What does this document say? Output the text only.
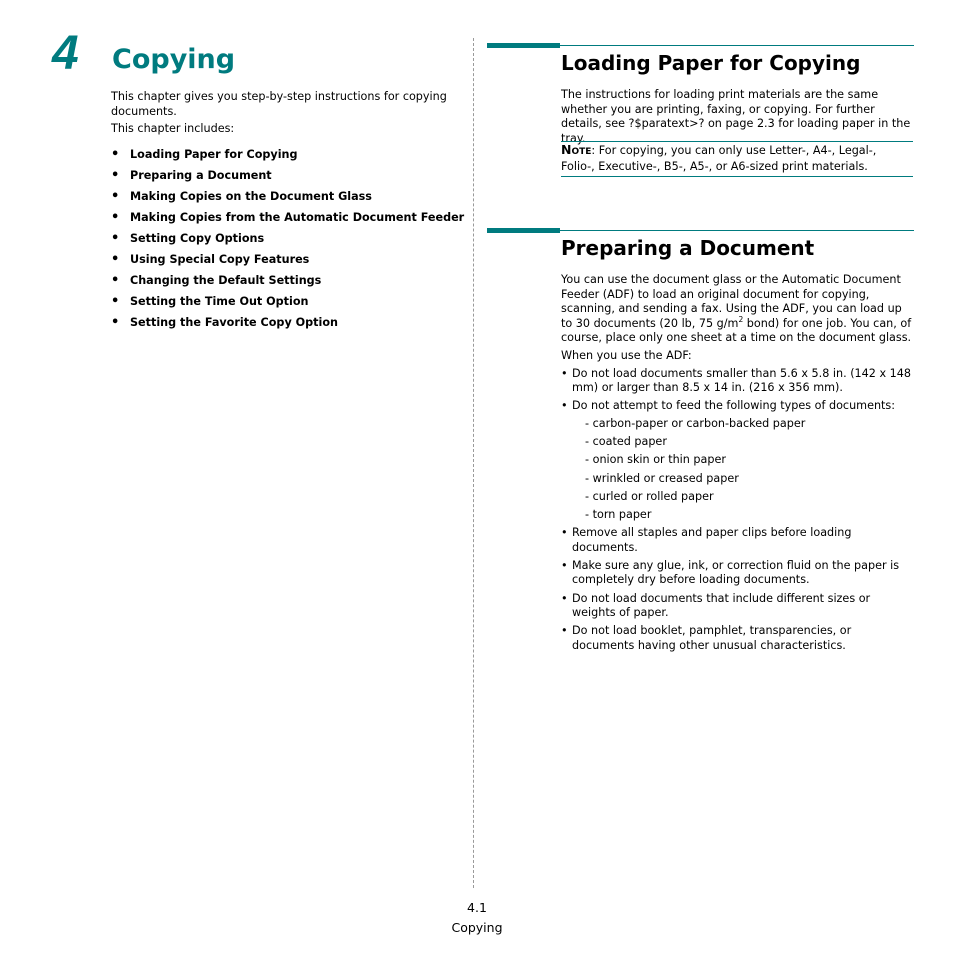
4 Copying

This chapter gives you step-by-step instructions for copying documents.

This chapter includes:

• Loading Paper for Copying
• Preparing a Document
• Making Copies on the Document Glass
• Making Copies from the Automatic Document Feeder
• Setting Copy Options
• Using Special Copy Features
• Changing the Default Settings
• Setting the Time Out Option
• Setting the Favorite Copy Option
Loading Paper for Copying

The instructions for loading print materials are the same whether you are printing, faxing, or copying. For further details, see ?$paratext>? on page 2.3 for loading paper in the tray.

NOTE: For copying, you can only use Letter-, A4-, Legal-, Folio-, Executive-, B5-, A5-, or A6-sized print materials.
Preparing a Document

You can use the document glass or the Automatic Document Feeder (ADF) to load an original document for copying, scanning, and sending a fax. Using the ADF, you can load up to 30 documents (20 lb, 75 $g/m^2$ bond) for one job. You can, of course, place only one sheet at a time on the document glass.

When you use the ADF:

• Do not load documents smaller than 5.6 x 5.8 in. (142 x 148 mm) or larger than 8.5 x 14 in. (216 x 356 mm).
• Do not attempt to feed the following types of documents:
- carbon-paper or carbon-backed paper
- coated paper
- onion skin or thin paper
- wrinkled or creased paper
- curled or rolled paper
- torn paper
• Remove all staples and paper clips before loading documents.
• Make sure any glue, ink, or correction fluid on the paper is completely dry before loading documents.
• Do not load documents that include different sizes or weights of paper.
• Do not load booklet, pamphlet, transparencies, or documents having other unusual characteristics.
4.1
Copying
